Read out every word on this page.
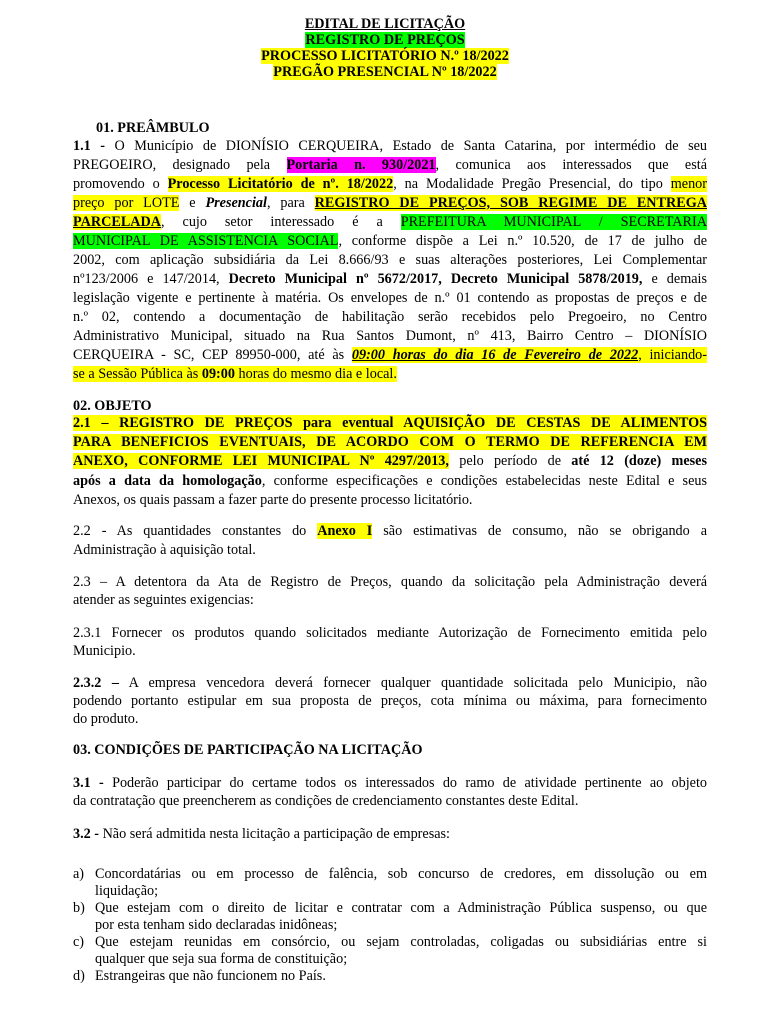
EDITAL DE LICITAÇÃO
REGISTRO DE PREÇOS
PROCESSO LICITATÓRIO N.º 18/2022
PREGÃO PRESENCIAL Nº 18/2022
01. PREÂMBULO
1.1 - O Município de DIONÍSIO CERQUEIRA, Estado de Santa Catarina, por intermédio de seu
PREGOEIRO, designado pela Portaria n. 930/2021, comunica aos interessados que está
promovendo o Processo Licitatório de nº. 18/2022, na Modalidade Pregão Presencial, do tipo menor
preço por LOTE e Presencial, para REGISTRO DE PREÇOS, SOB REGIME DE ENTREGA
PARCELADA, cujo setor interessado é a PREFEITURA MUNICIPAL / SECRETARIA
MUNICIPAL DE ASSISTENCIA SOCIAL, conforme dispõe a Lei n.º 10.520, de 17 de julho de
2002, com aplicação subsidiária da Lei 8.666/93 e suas alterações posteriores, Lei Complementar
nº123/2006 e 147/2014, Decreto Municipal nº 5672/2017, Decreto Municipal 5878/2019, e demais
legislação vigente e pertinente à matéria. Os envelopes de n.º 01 contendo as propostas de preços e de
n.º 02, contendo a documentação de habilitação serão recebidos pelo Pregoeiro, no Centro
Administrativo Municipal, situado na Rua Santos Dumont, nº 413, Bairro Centro – DIONÍSIO
CERQUEIRA - SC, CEP 89950-000, até às 09:00 horas do dia 16 de Fevereiro de 2022, iniciando-
se a Sessão Pública às 09:00 horas do mesmo dia e local.
02. OBJETO
2.1 – REGISTRO DE PREÇOS para eventual AQUISIÇÃO DE CESTAS DE ALIMENTOS
PARA BENEFICIOS EVENTUAIS, DE ACORDO COM O TERMO DE REFERENCIA EM
ANEXO, CONFORME LEI MUNICIPAL Nº 4297/2013, pelo período de até 12 (doze) meses
após a data da homologação, conforme especificações e condições estabelecidas neste Edital e seus
Anexos, os quais passam a fazer parte do presente processo licitatório.
2.2 - As quantidades constantes do Anexo I são estimativas de consumo, não se obrigando a
Administração à aquisição total.
2.3 – A detentora da Ata de Registro de Preços, quando da solicitação pela Administração deverá
atender as seguintes exigencias:
2.3.1 Fornecer os produtos quando solicitados mediante Autorização de Fornecimento emitida pelo
Municipio.
2.3.2 – A empresa vencedora deverá fornecer qualquer quantidade solicitada pelo Municipio, não
podendo portanto estipular em sua proposta de preços, cota mínima ou máxima, para fornecimento
do produto.
03. CONDIÇÕES DE PARTICIPAÇÃO NA LICITAÇÃO
3.1 - Poderão participar do certame todos os interessados do ramo de atividade pertinente ao objeto
da contratação que preencherem as condições de credenciamento constantes deste Edital.
3.2 - Não será admitida nesta licitação a participação de empresas:
a) Concordatárias ou em processo de falência, sob concurso de credores, em dissolução ou em
liquidação;
b) Que estejam com o direito de licitar e contratar com a Administração Pública suspenso, ou que
por esta tenham sido declaradas inidôneas;
c) Que estejam reunidas em consórcio, ou sejam controladas, coligadas ou subsidiárias entre si
qualquer que seja sua forma de constituição;
d) Estrangeiras que não funcionem no País.
